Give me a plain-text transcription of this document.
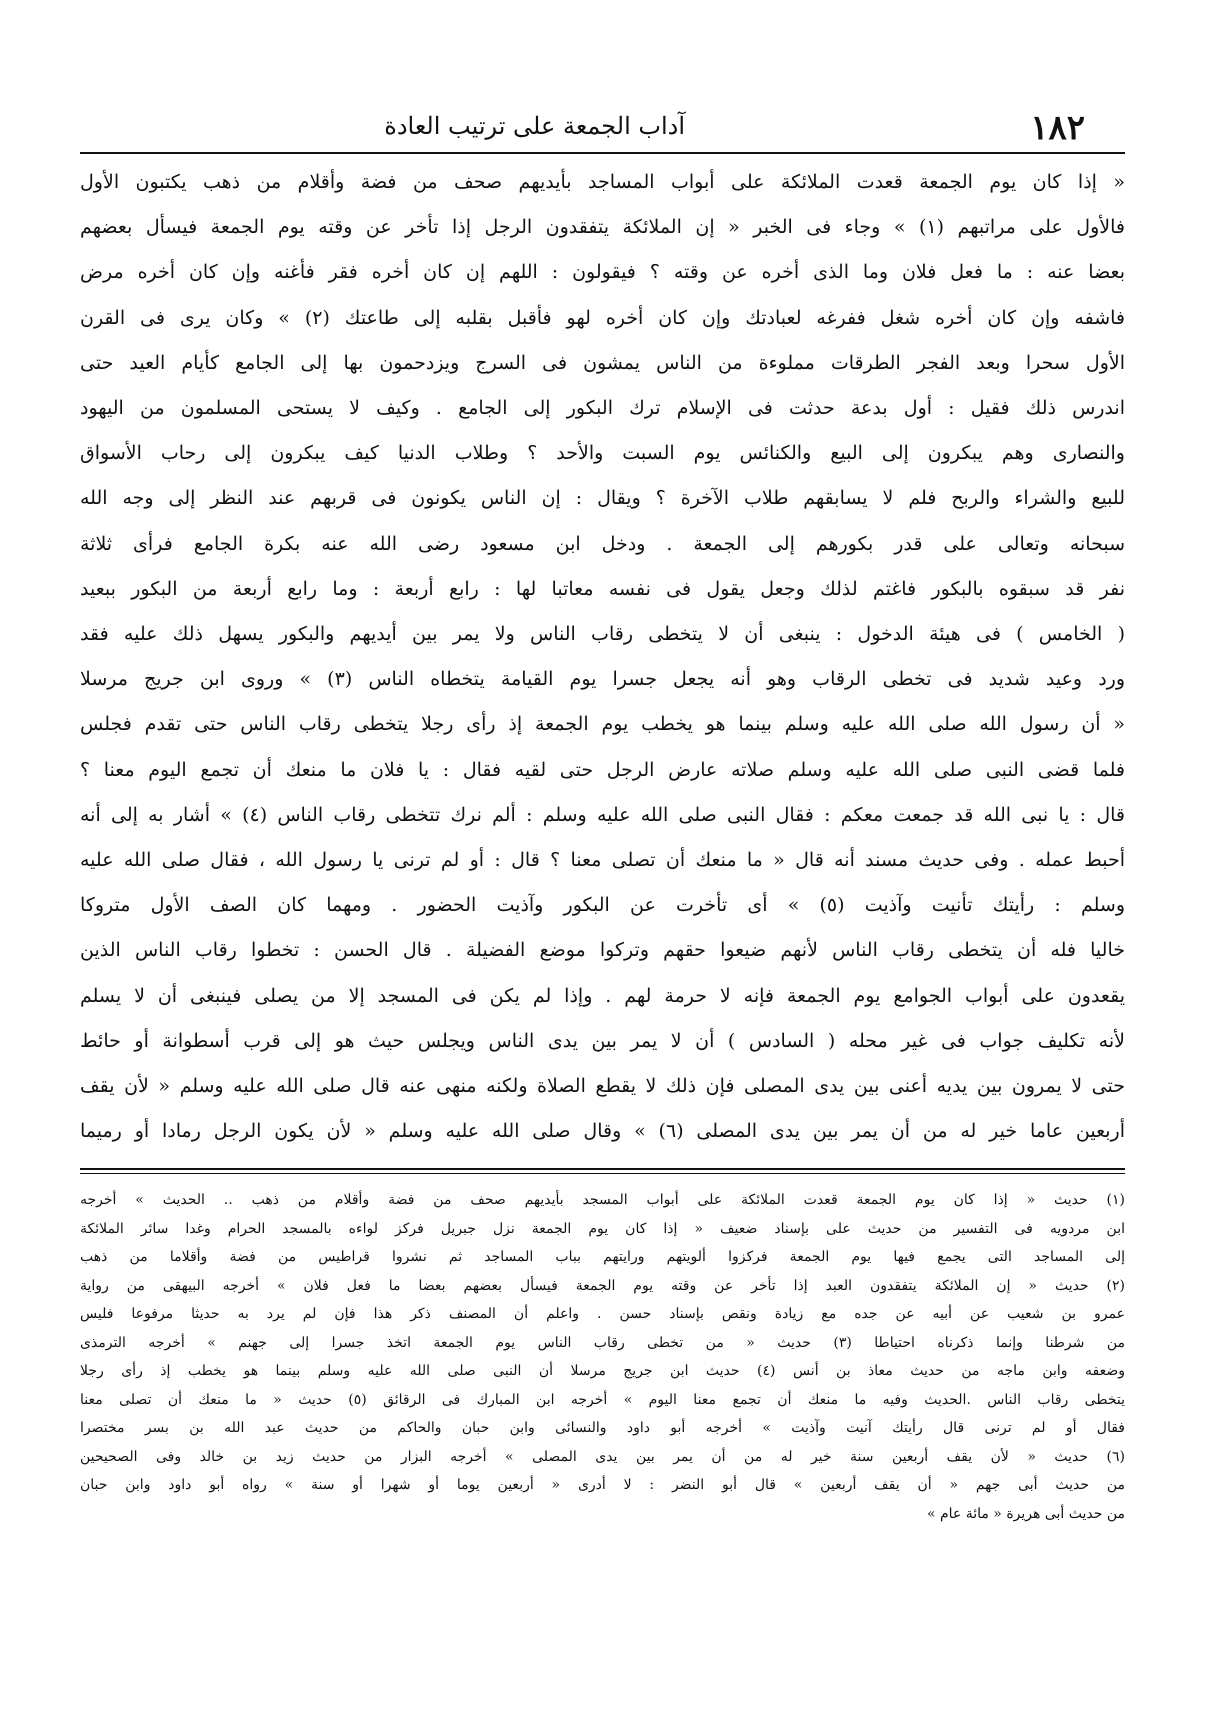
١٨٢
آداب الجمعة على ترتيب العادة

« إذا كان يوم الجمعة قعدت الملائكة على أبواب المساجد بأيديهم صحف من فضة وأقلام من ذهب يكتبون الأول

فالأول على مراتبهم (١) » وجاء فى الخبر « إن الملائكة يتفقدون الرجل إذا تأخر عن وقته يوم الجمعة فيسأل بعضهم

بعضا عنه : ما فعل فلان وما الذى أخره عن وقته ؟ فيقولون : اللهم إن كان أخره فقر فأغنه وإن كان أخره مرض

فاشفه وإن كان أخره شغل ففرغه لعبادتك وإن كان أخره لهو فأقبل بقلبه إلى طاعتك (٢) » وكان يرى فى القرن

الأول سحرا وبعد الفجر الطرقات مملوءة من الناس يمشون فى السرج ويزدحمون بها إلى الجامع كأيام العيد حتى

اندرس ذلك فقيل : أول بدعة حدثت فى الإسلام ترك البكور إلى الجامع . وكيف لا يستحى المسلمون من اليهود

والنصارى وهم يبكرون إلى البيع والكنائس يوم السبت والأحد ؟ وطلاب الدنيا كيف يبكرون إلى رحاب الأسواق

للبيع والشراء والربح فلم لا يسابقهم طلاب الآخرة ؟ ويقال : إن الناس يكونون فى قربهم عند النظر إلى وجه الله

سبحانه وتعالى على قدر بكورهم إلى الجمعة . ودخل ابن مسعود رضى الله عنه بكرة الجامع فرأى ثلاثة

نفر قد سبقوه بالبكور فاغتم لذلك وجعل يقول فى نفسه معاتبا لها : رابع أربعة : وما رابع أربعة من البكور ببعيد

( الخامس ) فى هيئة الدخول : ينبغى أن لا يتخطى رقاب الناس ولا يمر بين أيديهم والبكور يسهل ذلك عليه فقد

ورد وعيد شديد فى تخطى الرقاب وهو أنه يجعل جسرا يوم القيامة يتخطاه الناس (٣) » وروى ابن جريج مرسلا

« أن رسول الله صلى الله عليه وسلم بينما هو يخطب يوم الجمعة إذ رأى رجلا يتخطى رقاب الناس حتى تقدم فجلس

فلما قضى النبى صلى الله عليه وسلم صلاته عارض الرجل حتى لقيه فقال : يا فلان ما منعك أن تجمع اليوم معنا ؟

قال : يا نبى الله قد جمعت معكم : فقال النبى صلى الله عليه وسلم : ألم نرك تتخطى رقاب الناس (٤) » أشار به إلى أنه

أحبط عمله . وفى حديث مسند أنه قال « ما منعك أن تصلى معنا ؟ قال : أو لم ترنى يا رسول الله ، فقال صلى الله عليه

وسلم : رأيتك تأنيت وآذيت (٥) » أى تأخرت عن البكور وآذيت الحضور . ومهما كان الصف الأول متروكا

خاليا فله أن يتخطى رقاب الناس لأنهم ضيعوا حقهم وتركوا موضع الفضيلة . قال الحسن : تخطوا رقاب الناس الذين

يقعدون على أبواب الجوامع يوم الجمعة فإنه لا حرمة لهم . وإذا لم يكن فى المسجد إلا من يصلى فينبغى أن لا يسلم

لأنه تكليف جواب فى غير محله ( السادس ) أن لا يمر بين يدى الناس ويجلس حيث هو إلى قرب أسطوانة أو حائط

حتى لا يمرون بين يديه أعنى بين يدى المصلى فإن ذلك لا يقطع الصلاة ولكنه منهى عنه قال صلى الله عليه وسلم « لأن يقف

أربعين عاما خير له من أن يمر بين يدى المصلى (٦) » وقال صلى الله عليه وسلم « لأن يكون الرجل رمادا أو رميما

(١) حديث « إذا كان يوم الجمعة قعدت الملائكة على أبواب المسجد بأيديهم صحف من فضة وأقلام من ذهب .. الحديث » أخرجه

ابن مردويه فى التفسير من حديث على بإسناد ضعيف « إذا كان يوم الجمعة نزل جبريل فركز لواءه بالمسجد الحرام وغدا سائر الملائكة

إلى المساجد التى يجمع فيها يوم الجمعة فركزوا ألويتهم ورايتهم بباب المساجد ثم نشروا قراطيس من فضة وأقلاما من ذهب

(٢) حديث « إن الملائكة يتفقدون العبد إذا تأخر عن وقته يوم الجمعة فيسأل بعضهم بعضا ما فعل فلان » أخرجه البيهقى من رواية

عمرو بن شعيب عن أبيه عن جده مع زيادة ونقص بإسناد حسن . واعلم أن المصنف ذكر هذا فإن لم يرد به حديثا مرفوعا فليس

من شرطنا وإنما ذكرناه احتياطا (٣) حديث « من تخطى رقاب الناس يوم الجمعة اتخذ جسرا إلى جهنم » أخرجه الترمذى

وضعفه وابن ماجه من حديث معاذ بن أنس (٤) حديث ابن جريج مرسلا أن النبى صلى الله عليه وسلم بينما هو يخطب إذ رأى رجلا

يتخطى رقاب الناس .الحديث وفيه ما منعك أن تجمع معنا اليوم » أخرجه ابن المبارك فى الرقائق (٥) حديث « ما منعك أن تصلى معنا

فقال أو لم ترنى قال رأيتك آنيت وآذيت » أخرجه أبو داود والنسائى وابن حبان والحاكم من حديث عبد الله بن بسر مختصرا

(٦) حديث « لأن يقف أربعين سنة خير له من أن يمر بين يدى المصلى » أخرجه البزار من حديث زيد بن خالد وفى الصحيحين

من حديث أبى جهم « أن يقف أربعين » قال أبو النضر : لا أدرى « أربعين يوما أو شهرا أو سنة » رواه أبو داود وابن حبان

من حديث أبى هريرة « مائة عام »
